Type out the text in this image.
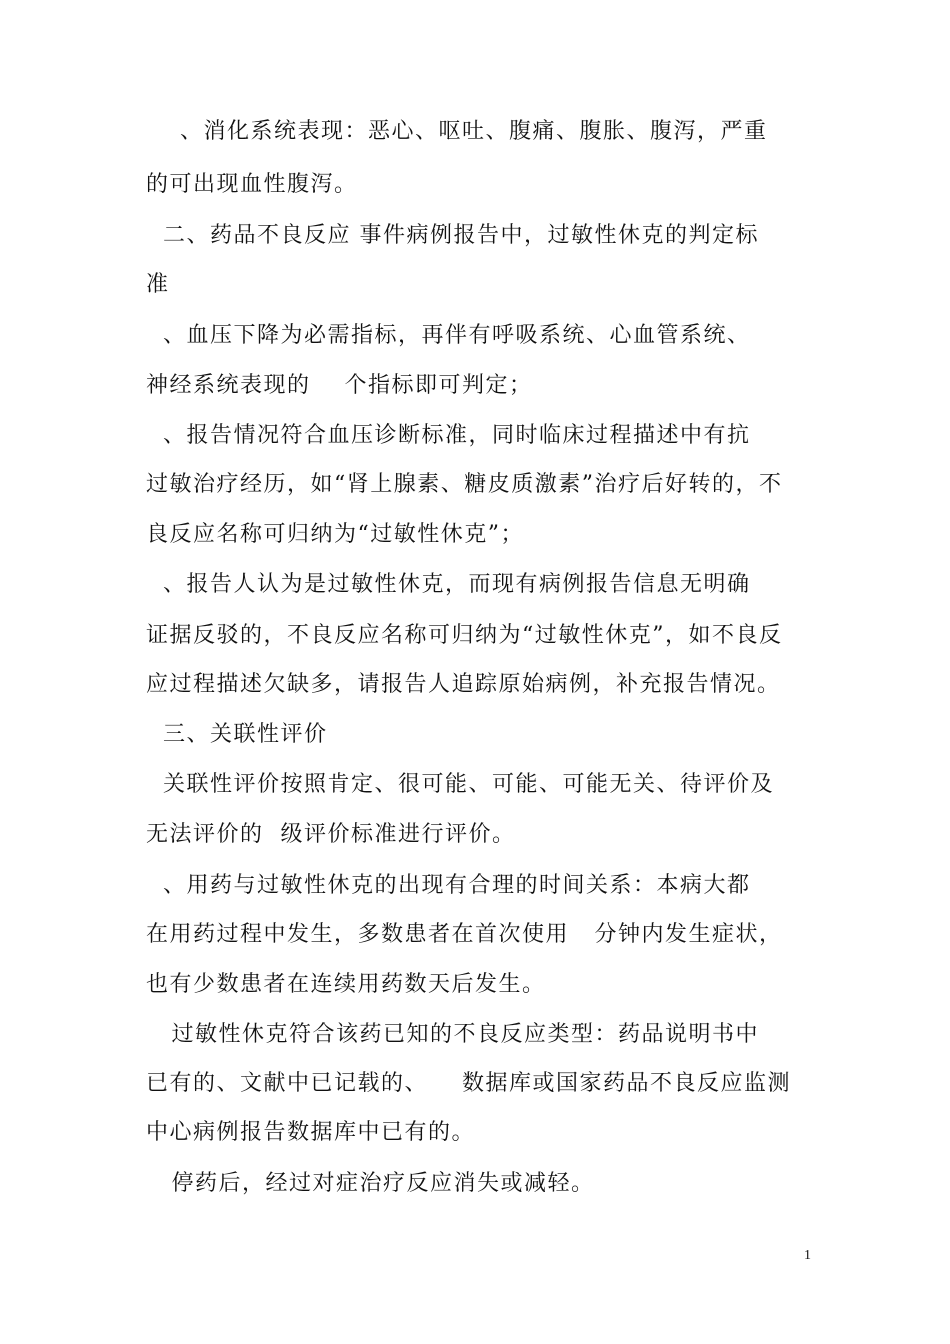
、消化系统表现：恶心、呕吐、腹痛、腹胀、腹泻，严重
的可出现血性腹泻。
二、药品不良反应 事件病例报告中，过敏性休克的判定标
准
、血压下降为必需指标，再伴有呼吸系统、心血管系统、
神经系统表现的    个指标即可判定；
、报告情况符合血压诊断标准，同时临床过程描述中有抗
过敏治疗经历，如“肾上腺素、糖皮质激素”治疗后好转的，不
良反应名称可归纳为“过敏性休克”；
、报告人认为是过敏性休克，而现有病例报告信息无明确
证据反驳的，不良反应名称可归纳为“过敏性休克”，如不良反
应过程描述欠缺多，请报告人追踪原始病例，补充报告情况。
三、关联性评价
关联性评价按照肯定、很可能、可能、可能无关、待评价及
无法评价的  级评价标准进行评价。
、用药与过敏性休克的出现有合理的时间关系：本病大都
在用药过程中发生，多数患者在首次使用   分钟内发生症状，
也有少数患者在连续用药数天后发生。
过敏性休克符合该药已知的不良反应类型：药品说明书中
已有的、文献中已记载的、    数据库或国家药品不良反应监测
中心病例报告数据库中已有的。
停药后，经过对症治疗反应消失或减轻。
1
